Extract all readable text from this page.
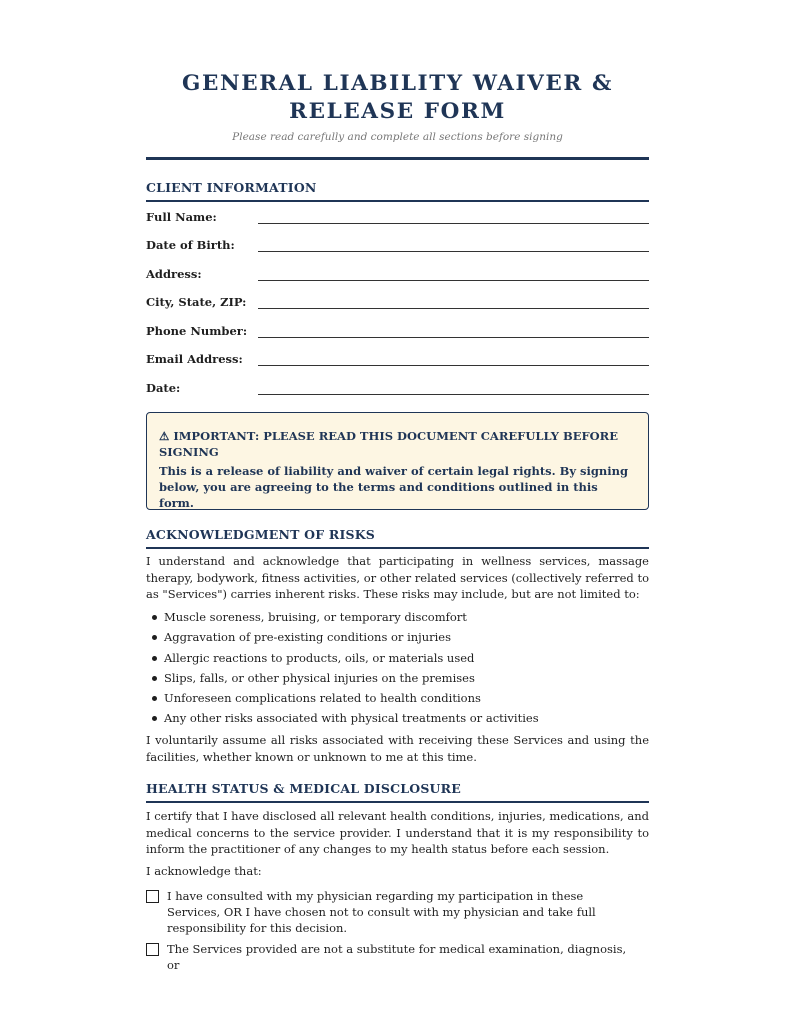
GENERAL LIABILITY WAIVER &
RELEASE FORM

Please read carefully and complete all sections before signing

CLIENT INFORMATION
Full Name:
Date of Birth:
Address:
City, State, ZIP:
Phone Number:
Email Address:
Date:

⚠ IMPORTANT: PLEASE READ THIS DOCUMENT CAREFULLY BEFORE SIGNING

This is a release of liability and waiver of certain legal rights. By signing below, you are agreeing to the terms and conditions outlined in this form.

ACKNOWLEDGMENT OF RISKS

I understand and acknowledge that participating in wellness services, massage therapy, bodywork, fitness activities, or other related services (collectively referred to as "Services") carries inherent risks. These risks may include, but are not limited to:

Muscle soreness, bruising, or temporary discomfort
Aggravation of pre-existing conditions or injuries
Allergic reactions to products, oils, or materials used
Slips, falls, or other physical injuries on the premises
Unforeseen complications related to health conditions
Any other risks associated with physical treatments or activities

I voluntarily assume all risks associated with receiving these Services and using the facilities, whether known or unknown to me at this time.

HEALTH STATUS & MEDICAL DISCLOSURE

I certify that I have disclosed all relevant health conditions, injuries, medications, and medical concerns to the service provider. I understand that it is my responsibility to inform the practitioner of any changes to my health status before each session.

I acknowledge that:

I have consulted with my physician regarding my participation in these Services, OR I have chosen not to consult with my physician and take full responsibility for this decision.
The Services provided are not a substitute for medical examination, diagnosis, or
